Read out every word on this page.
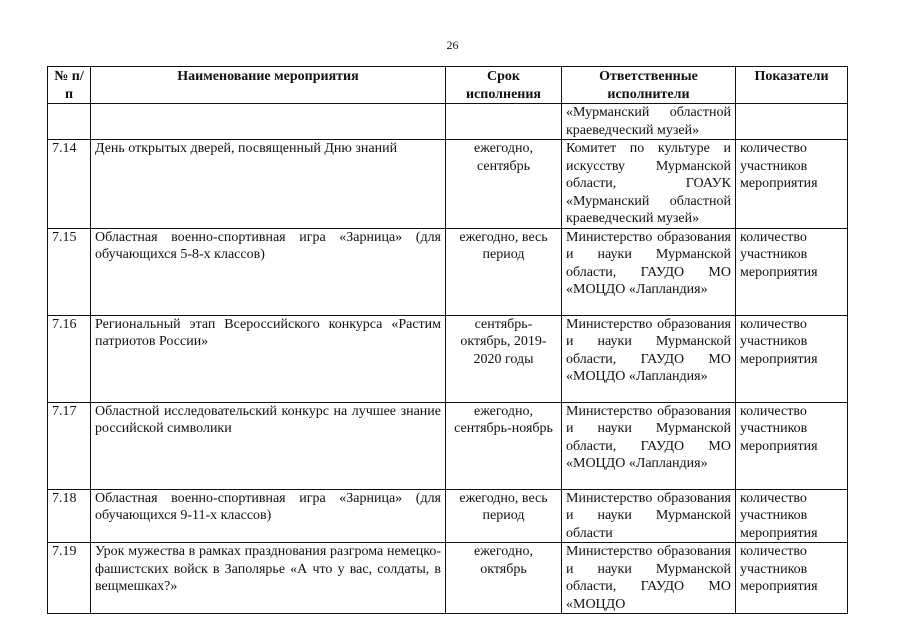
26
№ п/п	Наименование мероприятия	Срок исполнения	Ответственные исполнители	Показатели
			«Мурманский областной краеведческий музей»	
7.14	День открытых дверей, посвященный Дню знаний	ежегодно, сентябрь	Комитет по культуре и искусству Мурманской области, ГОАУК «Мурманский областной краеведческий музей»	количество участников мероприятия
7.15	Областная военно-спортивная игра «Зарница» (для обучающихся 5-8-х классов)	ежегодно, весь период	Министерство образования и науки Мурманской области, ГАУДО МО «МОЦДО «Лапландия»	количество участников мероприятия
7.16	Региональный этап Всероссийского конкурса «Растим патриотов России»	сентябрь-октябрь, 2019-2020 годы	Министерство образования и науки Мурманской области, ГАУДО МО «МОЦДО «Лапландия»	количество участников мероприятия
7.17	Областной исследовательский конкурс на лучшее знание российской символики	ежегодно, сентябрь-ноябрь	Министерство образования и науки Мурманской области, ГАУДО МО «МОЦДО «Лапландия»	количество участников мероприятия
7.18	Областная военно-спортивная игра «Зарница» (для обучающихся 9-11-х классов)	ежегодно, весь период	Министерство образования и науки Мурманской области	количество участников мероприятия
7.19	Урок мужества в рамках празднования разгрома немецко-фашистских войск в Заполярье «А что у вас, солдаты, в вещмешках?»	ежегодно, октябрь	Министерство образования и науки Мурманской области, ГАУДО МО «МОЦДО	количество участников мероприятия
